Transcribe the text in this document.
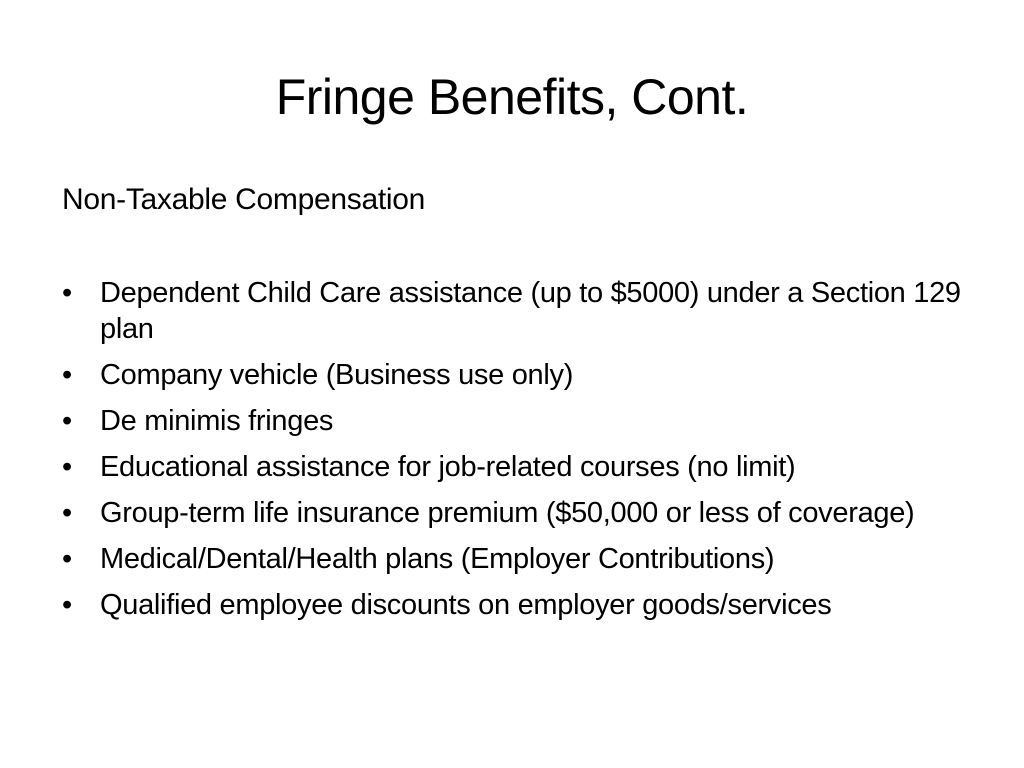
Fringe Benefits, Cont.

Non-Taxable Compensation

• Dependent Child Care assistance (up to $5000) under a Section 129 plan
• Company vehicle (Business use only)
• De minimis fringes
• Educational assistance for job-related courses (no limit)
• Group-term life insurance premium ($50,000 or less of coverage)
• Medical/Dental/Health plans (Employer Contributions)
• Qualified employee discounts on employer goods/services
